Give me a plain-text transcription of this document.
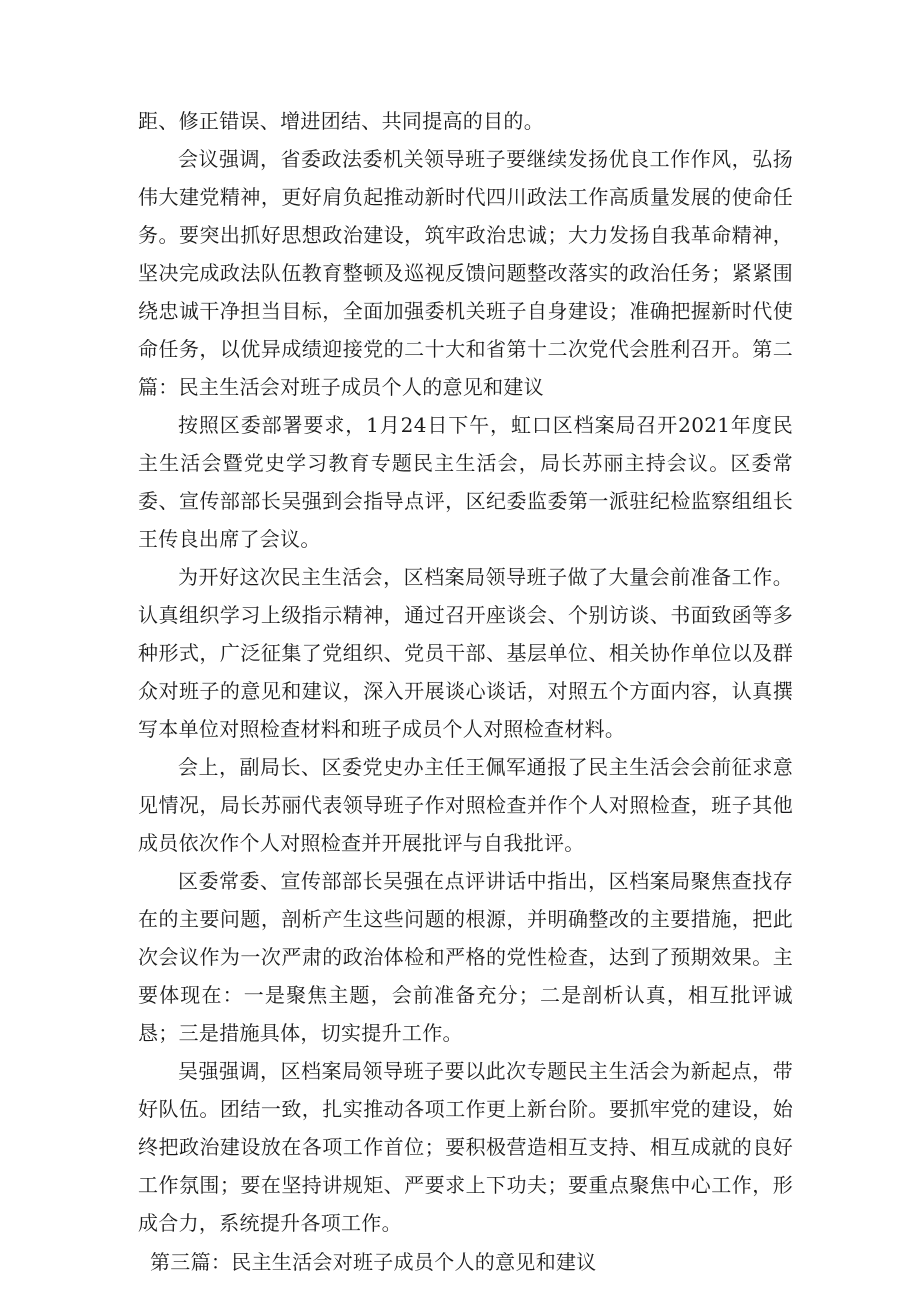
距、修正错误、增进团结、共同提高的目的。

会议强调，省委政法委机关领导班子要继续发扬优良工作作风，弘扬伟大建党精神，更好肩负起推动新时代四川政法工作高质量发展的使命任务。要突出抓好思想政治建设，筑牢政治忠诚；大力发扬自我革命精神，坚决完成政法队伍教育整顿及巡视反馈问题整改落实的政治任务；紧紧围绕忠诚干净担当目标，全面加强委机关班子自身建设；准确把握新时代使命任务，以优异成绩迎接党的二十大和省第十二次党代会胜利召开。第二篇：民主生活会对班子成员个人的意见和建议

按照区委部署要求，1月24日下午，虹口区档案局召开2021年度民主生活会暨党史学习教育专题民主生活会，局长苏丽主持会议。区委常委、宣传部部长吴强到会指导点评，区纪委监委第一派驻纪检监察组组长王传良出席了会议。

为开好这次民主生活会，区档案局领导班子做了大量会前准备工作。认真组织学习上级指示精神，通过召开座谈会、个别访谈、书面致函等多种形式，广泛征集了党组织、党员干部、基层单位、相关协作单位以及群众对班子的意见和建议，深入开展谈心谈话，对照五个方面内容，认真撰写本单位对照检查材料和班子成员个人对照检查材料。

会上，副局长、区委党史办主任王佩军通报了民主生活会会前征求意见情况，局长苏丽代表领导班子作对照检查并作个人对照检查，班子其他成员依次作个人对照检查并开展批评与自我批评。

区委常委、宣传部部长吴强在点评讲话中指出，区档案局聚焦查找存在的主要问题，剖析产生这些问题的根源，并明确整改的主要措施，把此次会议作为一次严肃的政治体检和严格的党性检查，达到了预期效果。主要体现在：一是聚焦主题，会前准备充分；二是剖析认真，相互批评诚恳；三是措施具体，切实提升工作。

吴强强调，区档案局领导班子要以此次专题民主生活会为新起点，带好队伍。团结一致，扎实推动各项工作更上新台阶。要抓牢党的建设，始终把政治建设放在各项工作首位；要积极营造相互支持、相互成就的良好工作氛围；要在坚持讲规矩、严要求上下功夫；要重点聚焦中心工作，形成合力，系统提升各项工作。

第三篇：民主生活会对班子成员个人的意见和建议
